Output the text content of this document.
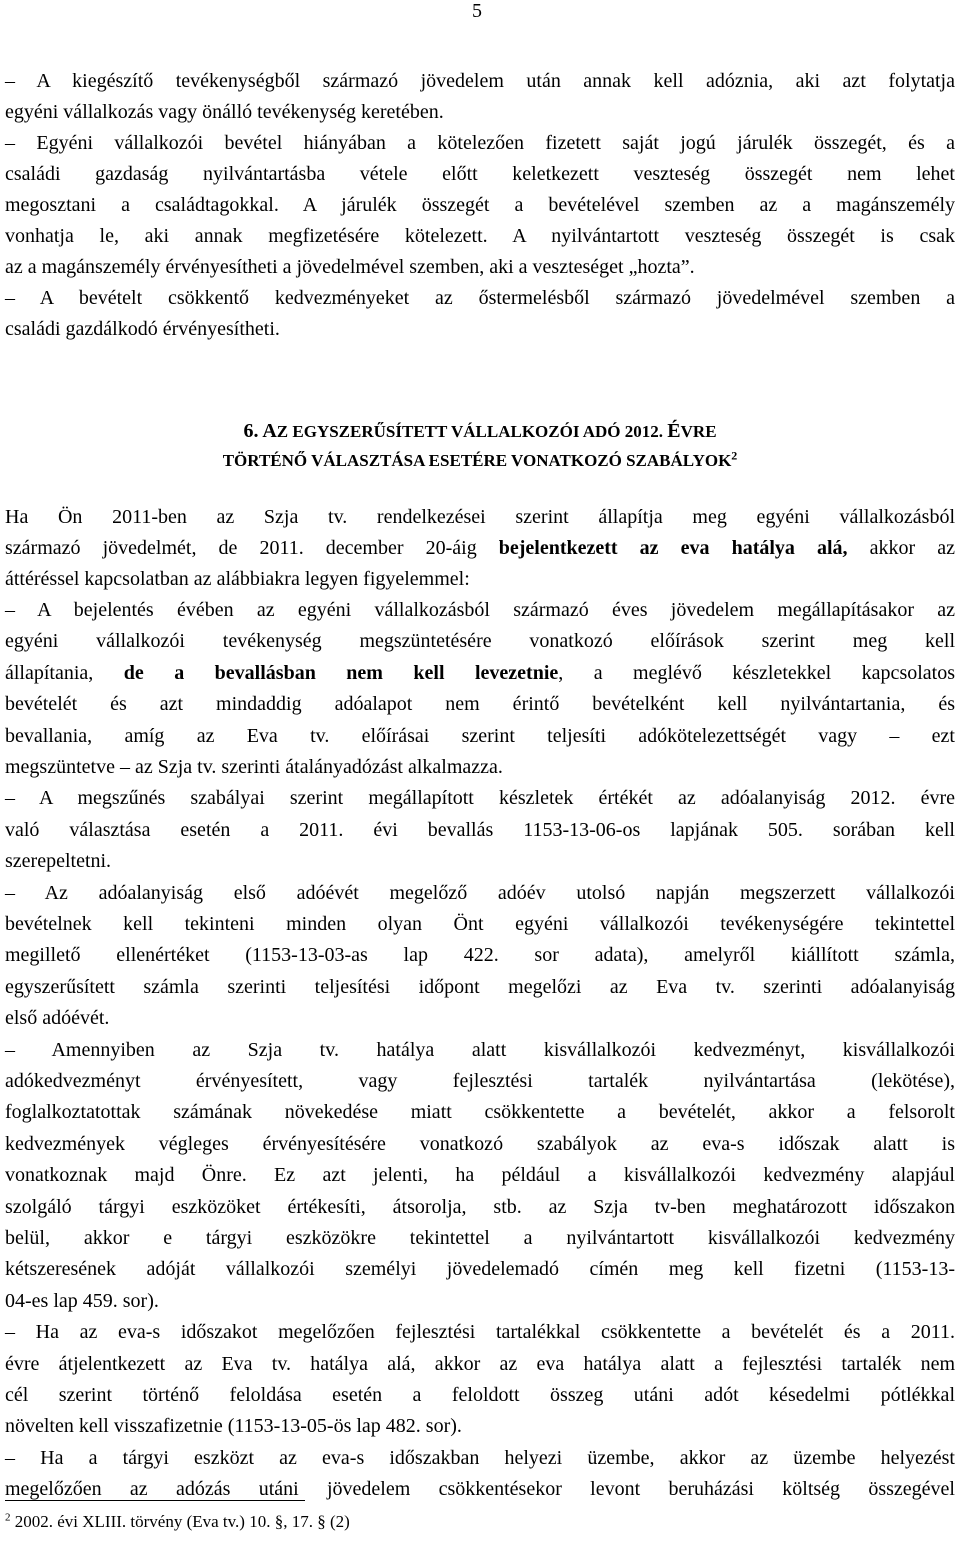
5
– A kiegészítő tevékenységből származó jövedelem után annak kell adóznia, aki azt folytatja
egyéni vállalkozás vagy önálló tevékenység keretében.
– Egyéni vállalkozói bevétel hiányában a kötelezően fizetett saját jogú járulék összegét, és a
családi gazdaság nyilvántartásba vétele előtt keletkezett veszteség összegét nem lehet
megosztani a családtagokkal. A járulék összegét a bevételével szemben az a magánszemély
vonhatja le, aki annak megfizetésére kötelezett. A nyilvántartott veszteség összegét is csak
az a magánszemély érvényesítheti a jövedelmével szemben, aki a veszteséget „hozta”.
– A bevételt csökkentő kedvezményeket az őstermelésből származó jövedelmével szemben a
családi gazdálkodó érvényesítheti.
6. AZ EGYSZERŰSÍTETT VÁLLALKOZÓI ADÓ 2012. ÉVRE
TÖRTÉNŐ VÁLASZTÁSA ESETÉRE VONATKOZÓ SZABÁLYOK$^2$
Ha Ön 2011-ben az Szja tv. rendelkezései szerint állapítja meg egyéni vállalkozásból
származó jövedelmét, de 2011. december 20-áig bejelentkezett az eva hatálya alá, akkor az
áttéréssel kapcsolatban az alábbiakra legyen figyelemmel:
– A bejelentés évében az egyéni vállalkozásból származó éves jövedelem megállapításakor az
egyéni vállalkozói tevékenység megszüntetésére vonatkozó előírások szerint meg kell
állapítania, de a bevallásban nem kell levezetnie, a meglévő készletekkel kapcsolatos
bevételét és azt mindaddig adóalapot nem érintő bevételként kell nyilvántartania, és
bevallania, amíg az Eva tv. előírásai szerint teljesíti adókötelezettségét vagy – ezt
megszüntetve – az Szja tv. szerinti átalányadózást alkalmazza.
– A megszűnés szabályai szerint megállapított készletek értékét az adóalanyiság 2012. évre
való választása esetén a 2011. évi bevallás 1153-13-06-os lapjának 505. sorában kell
szerepeltetni.
– Az adóalanyiság első adóévét megelőző adóév utolsó napján megszerzett vállalkozói
bevételnek kell tekinteni minden olyan Önt egyéni vállalkozói tevékenységére tekintettel
megillető ellenértéket (1153-13-03-as lap 422. sor adata), amelyről kiállított számla,
egyszerűsített számla szerinti teljesítési időpont megelőzi az Eva tv. szerinti adóalanyiság
első adóévét.
– Amennyiben az Szja tv. hatálya alatt kisvállalkozói kedvezményt, kisvállalkozói
adókedvezményt érvényesített, vagy fejlesztési tartalék nyilvántartása (lekötése),
foglalkoztatottak számának növekedése miatt csökkentette a bevételét, akkor a felsorolt
kedvezmények végleges érvényesítésére vonatkozó szabályok az eva-s időszak alatt is
vonatkoznak majd Önre. Ez azt jelenti, ha például a kisvállalkozói kedvezmény alapjául
szolgáló tárgyi eszközöket értékesíti, átsorolja, stb. az Szja tv-ben meghatározott időszakon
belül, akkor e tárgyi eszközökre tekintettel a nyilvántartott kisvállalkozói kedvezmény
kétszeresének adóját vállalkozói személyi jövedelemadó címén meg kell fizetni (1153-13-
04-es lap 459. sor).
– Ha az eva-s időszakot megelőzően fejlesztési tartalékkal csökkentette a bevételét és a 2011.
évre átjelentkezett az Eva tv. hatálya alá, akkor az eva hatálya alatt a fejlesztési tartalék nem
cél szerint történő feloldása esetén a feloldott összeg utáni adót késedelmi pótlékkal
növelten kell visszafizetnie (1153-13-05-ös lap 482. sor).
– Ha a tárgyi eszközt az eva-s időszakban helyezi üzembe, akkor az üzembe helyezést
megelőzően az adózás utáni jövedelem csökkentésekor levont beruházási költség összegével
$^2$ 2002. évi XLIII. törvény (Eva tv.) 10. §, 17. § (2)
